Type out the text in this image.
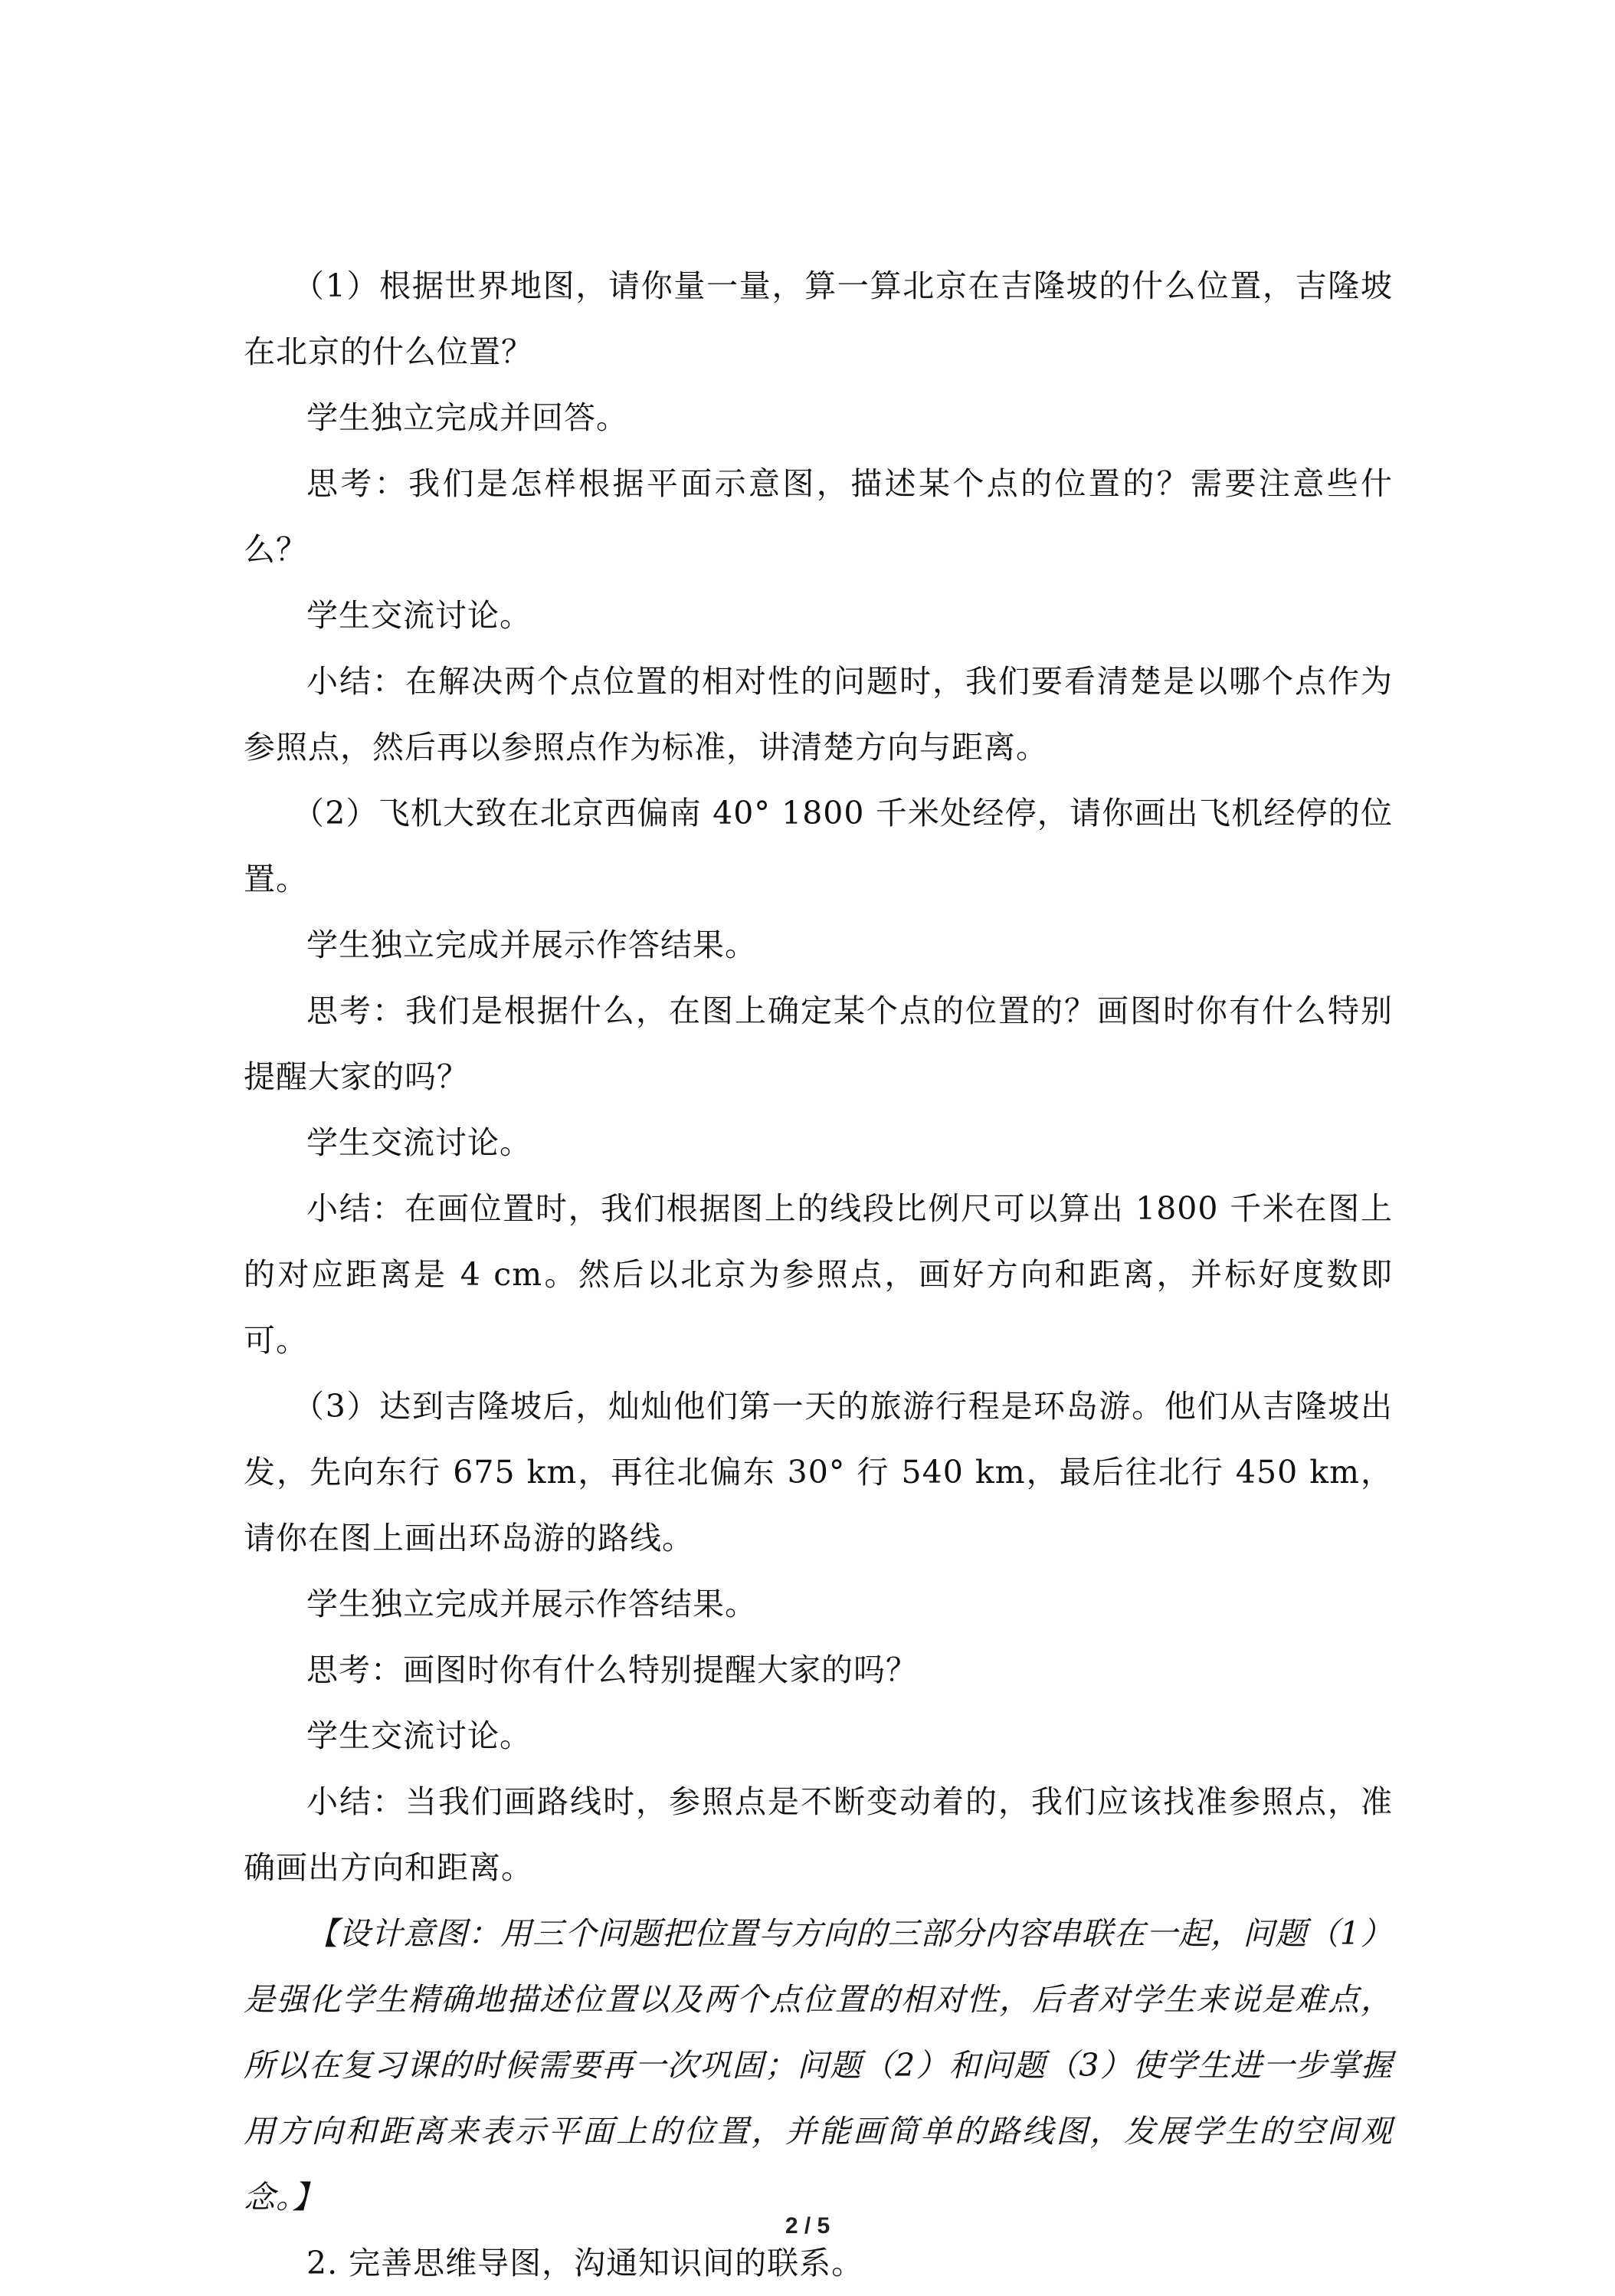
（1）根据世界地图，请你量一量，算一算北京在吉隆坡的什么位置，吉隆坡在北京的什么位置？

学生独立完成并回答。

思考：我们是怎样根据平面示意图，描述某个点的位置的？需要注意些什么？

学生交流讨论。

小结：在解决两个点位置的相对性的问题时，我们要看清楚是以哪个点作为参照点，然后再以参照点作为标准，讲清楚方向与距离。

（2）飞机大致在北京西偏南 40° 1800 千米处经停，请你画出飞机经停的位置。

学生独立完成并展示作答结果。

思考：我们是根据什么，在图上确定某个点的位置的？画图时你有什么特别提醒大家的吗？

学生交流讨论。

小结：在画位置时，我们根据图上的线段比例尺可以算出 1800 千米在图上的对应距离是 4 cm。然后以北京为参照点，画好方向和距离，并标好度数即可。

（3）达到吉隆坡后，灿灿他们第一天的旅游行程是环岛游。他们从吉隆坡出发，先向东行 675 km，再往北偏东 30° 行 540 km，最后往北行 450 km，请你在图上画出环岛游的路线。

学生独立完成并展示作答结果。

思考：画图时你有什么特别提醒大家的吗？

学生交流讨论。

小结：当我们画路线时，参照点是不断变动着的，我们应该找准参照点，准确画出方向和距离。

【设计意图：用三个问题把位置与方向的三部分内容串联在一起，问题（1）是强化学生精确地描述位置以及两个点位置的相对性，后者对学生来说是难点，所以在复习课的时候需要再一次巩固；问题（2）和问题（3）使学生进一步掌握用方向和距离来表示平面上的位置，并能画简单的路线图，发展学生的空间观念。】

2. 完善思维导图，沟通知识间的联系。

2 / 5
